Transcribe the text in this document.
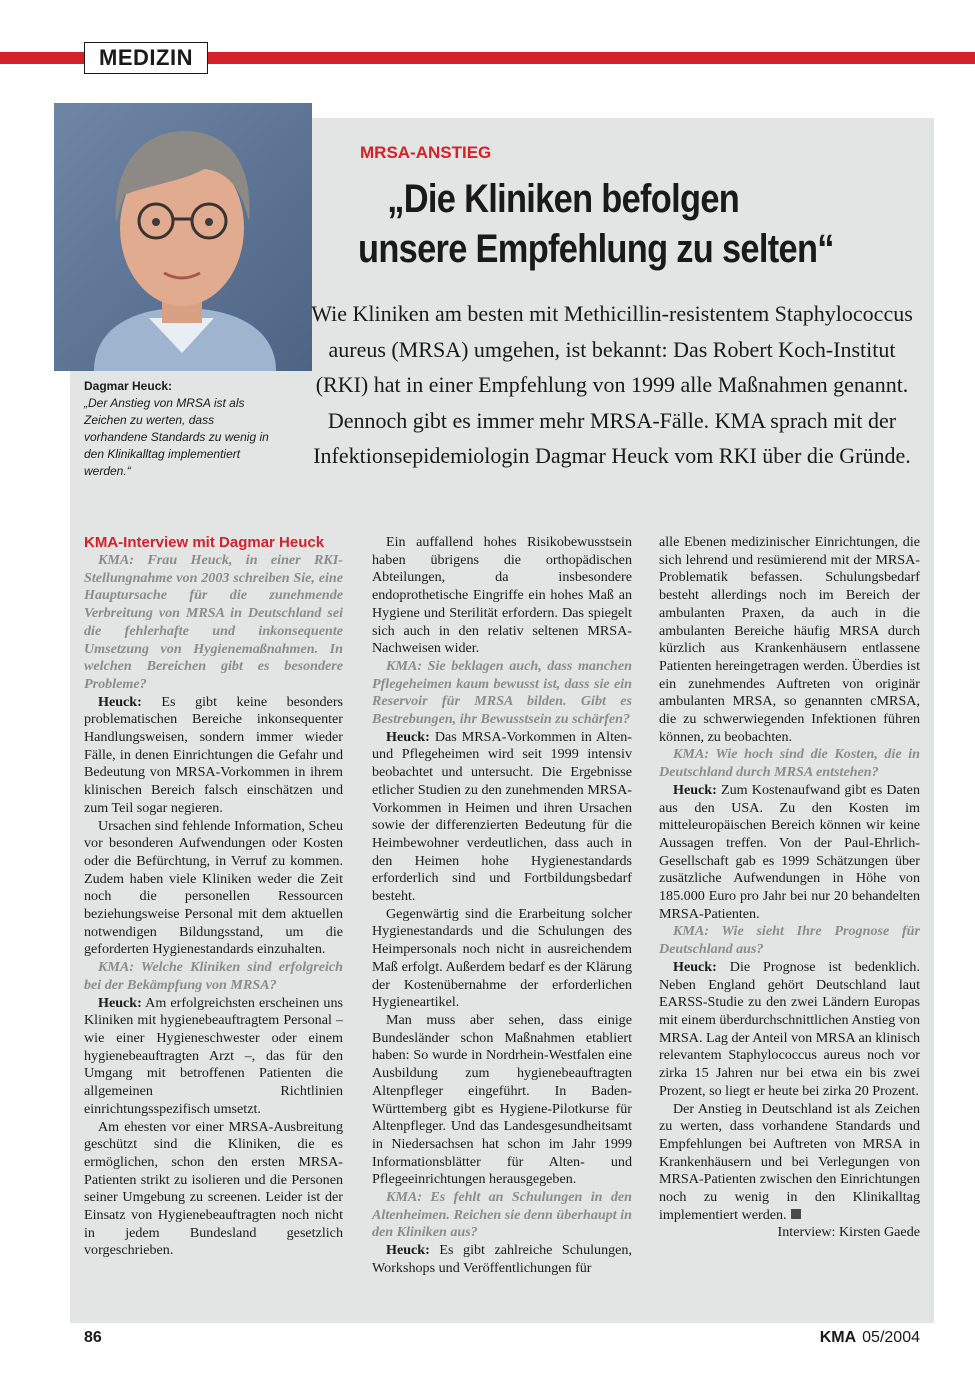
MEDIZIN
Dagmar Heuck:
„Der Anstieg von MRSA ist als Zeichen zu werten, dass vorhandene Standards zu wenig in den Klinikalltag implementiert werden.“
MRSA-ANSTIEG
„Die Kliniken befolgen
unsere Empfehlung zu selten“
Wie Kliniken am besten mit Methicillin-resistentem Staphylococcus aureus (MRSA) umgehen, ist bekannt: Das Robert Koch-Institut (RKI) hat in einer Empfehlung von 1999 alle Maßnahmen genannt. Dennoch gibt es immer mehr MRSA-Fälle. KMA sprach mit der Infektionsepidemiologin Dagmar Heuck vom RKI über die Gründe.

KMA-Interview mit Dagmar Heuck

KMA: Frau Heuck, in einer RKI-Stellungnahme von 2003 schreiben Sie, eine Hauptursache für die zunehmende Verbreitung von MRSA in Deutschland sei die fehlerhafte und inkonsequente Umsetzung von Hygienemaßnahmen. In welchen Bereichen gibt es besondere Probleme?

Heuck: Es gibt keine besonders problematischen Bereiche inkonsequenter Handlungsweisen, sondern immer wieder Fälle, in denen Einrichtungen die Gefahr und Bedeutung von MRSA-Vorkommen in ihrem klinischen Bereich falsch einschätzen und zum Teil sogar negieren.

Ursachen sind fehlende Information, Scheu vor besonderen Aufwendungen oder Kosten oder die Befürchtung, in Verruf zu kommen. Zudem haben viele Kliniken weder die Zeit noch die personellen Ressourcen beziehungsweise Personal mit dem aktuellen notwendigen Bildungsstand, um die geforderten Hygienestandards einzuhalten.

KMA: Welche Kliniken sind erfolgreich bei der Bekämpfung von MRSA?

Heuck: Am erfolgreichsten erscheinen uns Kliniken mit hygienebeauftragtem Personal – wie einer Hygieneschwester oder einem hygienebeauftragten Arzt –, das für den Umgang mit betroffenen Patienten die allgemeinen Richtlinien einrichtungsspezifisch umsetzt.

Am ehesten vor einer MRSA-Ausbreitung geschützt sind die Kliniken, die es ermöglichen, schon den ersten MRSA-Patienten strikt zu isolieren und die Personen seiner Umgebung zu screenen. Leider ist der Einsatz von Hygienebeauftragten noch nicht in jedem Bundesland gesetzlich vorgeschrieben.

Ein auffallend hohes Risikobewusstsein haben übrigens die orthopädischen Abteilungen, da insbesondere endoprothetische Eingriffe ein hohes Maß an Hygiene und Sterilität erfordern. Das spiegelt sich auch in den relativ seltenen MRSA-Nachweisen wider.

KMA: Sie beklagen auch, dass manchen Pflegeheimen kaum bewusst ist, dass sie ein Reservoir für MRSA bilden. Gibt es Bestrebungen, ihr Bewusstsein zu schärfen?

Heuck: Das MRSA-Vorkommen in Alten- und Pflegeheimen wird seit 1999 intensiv beobachtet und untersucht. Die Ergebnisse etlicher Studien zu den zunehmenden MRSA-Vorkommen in Heimen und ihren Ursachen sowie der differenzierten Bedeutung für die Heimbewohner verdeutlichen, dass auch in den Heimen hohe Hygienestandards erforderlich sind und Fortbildungsbedarf besteht.

Gegenwärtig sind die Erarbeitung solcher Hygienestandards und die Schulungen des Heimpersonals noch nicht in ausreichendem Maß erfolgt. Außerdem bedarf es der Klärung der Kostenübernahme der erforderlichen Hygieneartikel.

Man muss aber sehen, dass einige Bundesländer schon Maßnahmen etabliert haben: So wurde in Nordrhein-Westfalen eine Ausbildung zum hygienebeauftragten Altenpfleger eingeführt. In Baden-Württemberg gibt es Hygiene-Pilotkurse für Altenpfleger. Und das Landesgesundheitsamt in Niedersachsen hat schon im Jahr 1999 Informationsblätter für Alten- und Pflegeeinrichtungen herausgegeben.

KMA: Es fehlt an Schulungen in den Altenheimen. Reichen sie denn überhaupt in den Kliniken aus?

Heuck: Es gibt zahlreiche Schulungen, Workshops und Veröffentlichungen für

alle Ebenen medizinischer Einrichtungen, die sich lehrend und resümierend mit der MRSA-Problematik befassen. Schulungsbedarf besteht allerdings noch im Bereich der ambulanten Praxen, da auch in die ambulanten Bereiche häufig MRSA durch kürzlich aus Krankenhäusern entlassene Patienten hereingetragen werden. Überdies ist ein zunehmendes Auftreten von originär ambulanten MRSA, so genannten cMRSA, die zu schwerwiegenden Infektionen führen können, zu beobachten.

KMA: Wie hoch sind die Kosten, die in Deutschland durch MRSA entstehen?

Heuck: Zum Kostenaufwand gibt es Daten aus den USA. Zu den Kosten im mitteleuropäischen Bereich können wir keine Aussagen treffen. Von der Paul-Ehrlich-Gesellschaft gab es 1999 Schätzungen über zusätzliche Aufwendungen in Höhe von 185.000 Euro pro Jahr bei nur 20 behandelten MRSA-Patienten.

KMA: Wie sieht Ihre Prognose für Deutschland aus?

Heuck: Die Prognose ist bedenklich. Neben England gehört Deutschland laut EARSS-Studie zu den zwei Ländern Europas mit einem überdurchschnittlichen Anstieg von MRSA. Lag der Anteil von MRSA an klinisch relevantem Staphylococcus aureus noch vor zirka 15 Jahren nur bei etwa ein bis zwei Prozent, so liegt er heute bei zirka 20 Prozent.

Der Anstieg in Deutschland ist als Zeichen zu werten, dass vorhandene Standards und Empfehlungen bei Auftreten von MRSA in Krankenhäusern und bei Verlegungen von MRSA-Patienten zwischen den Einrichtungen noch zu wenig in den Klinikalltag implementiert werden.

Interview: Kirsten Gaede

86	KMA 05/2004
